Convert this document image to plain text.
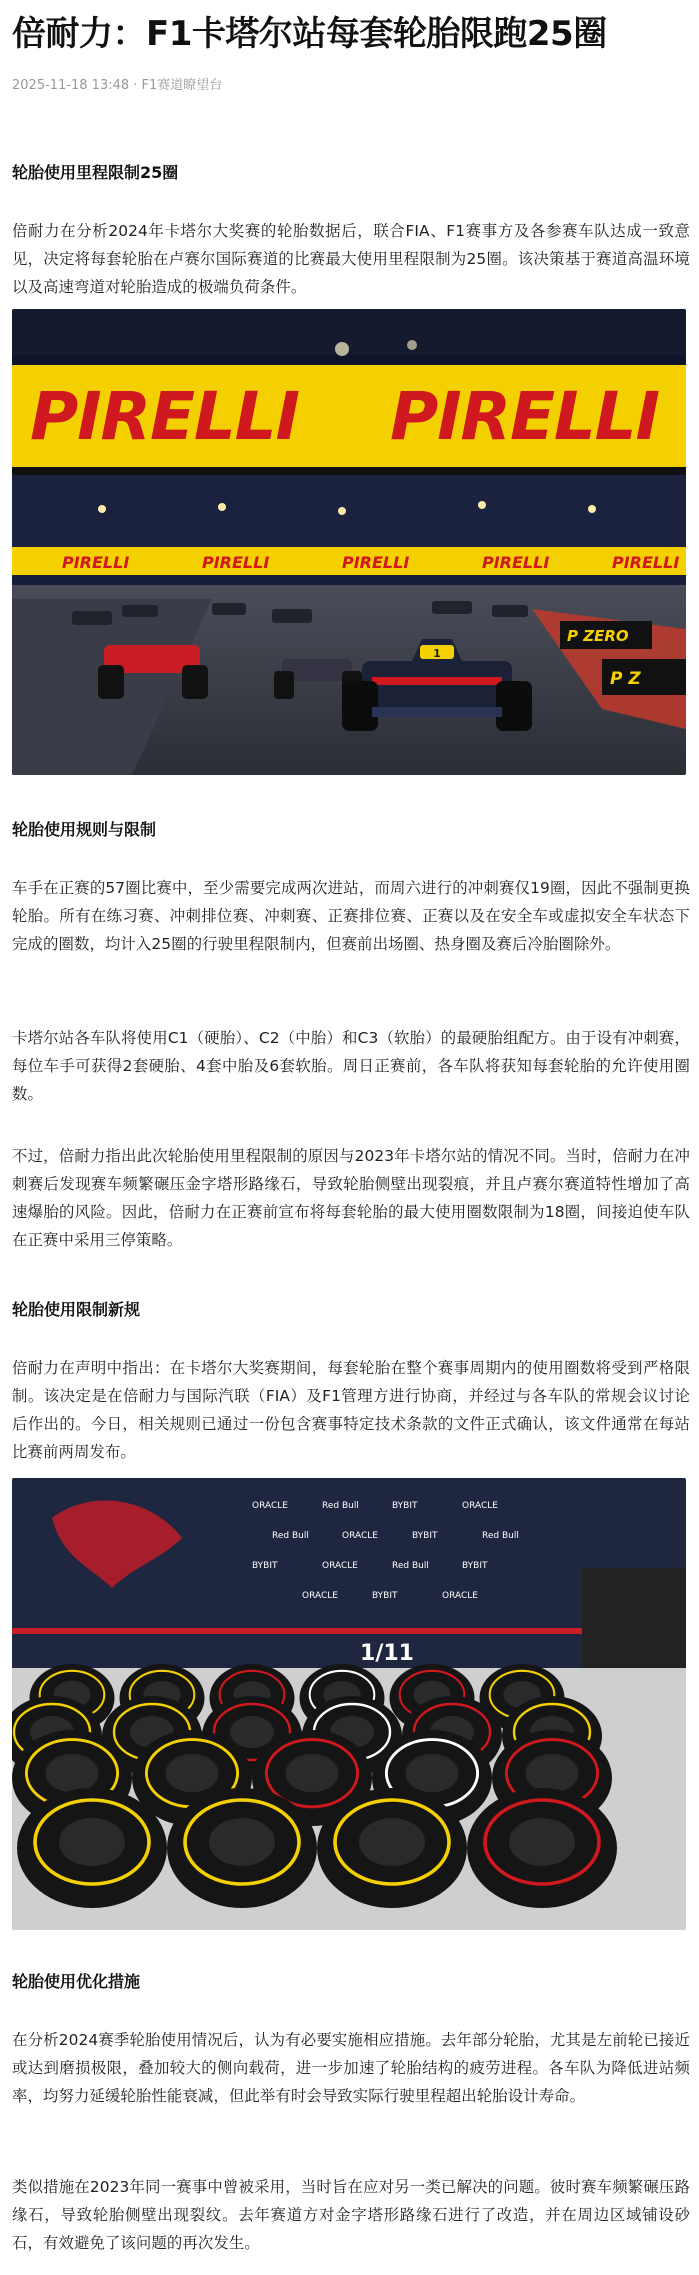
倍耐力：F1卡塔尔站每套轮胎限跑25圈
2025-11-18 13:48 · F1赛道瞭望台
轮胎使用里程限制25圈

倍耐力在分析2024年卡塔尔大奖赛的轮胎数据后，联合FIA、F1赛事方及各参赛车队达成一致意见，决定将每套轮胎在卢赛尔国际赛道的比赛最大使用里程限制为25圈。该决策基于赛道高温环境以及高速弯道对轮胎造成的极端负荷条件。

PIRELLI PIRELLI
PIRELLI	PIRELLI	PIRELLI	PIRELLI	PIRELLI
P ZERO
P Z
1
轮胎使用规则与限制

车手在正赛的57圈比赛中，至少需要完成两次进站，而周六进行的冲刺赛仅19圈，因此不强制更换轮胎。所有在练习赛、冲刺排位赛、冲刺赛、正赛排位赛、正赛以及在安全车或虚拟安全车状态下完成的圈数，均计入25圈的行驶里程限制内，但赛前出场圈、热身圈及赛后冷胎圈除外。

卡塔尔站各车队将使用C1（硬胎）、C2（中胎）和C3（软胎）的最硬胎组配方。由于设有冲刺赛，每位车手可获得2套硬胎、4套中胎及6套软胎。周日正赛前，各车队将获知每套轮胎的允许使用圈数。

不过，倍耐力指出此次轮胎使用里程限制的原因与2023年卡塔尔站的情况不同。当时，倍耐力在冲刺赛后发现赛车频繁碾压金字塔形路缘石，导致轮胎侧壁出现裂痕，并且卢赛尔赛道特性增加了高速爆胎的风险。因此，倍耐力在正赛前宣布将每套轮胎的最大使用圈数限制为18圈，间接迫使车队在正赛中采用三停策略。

轮胎使用限制新规

倍耐力在声明中指出：在卡塔尔大奖赛期间，每套轮胎在整个赛事周期内的使用圈数将受到严格限制。该决定是在倍耐力与国际汽联（FIA）及F1管理方进行协商，并经过与各车队的常规会议讨论后作出的。今日，相关规则已通过一份包含赛事特定技术条款的文件正式确认，该文件通常在每站比赛前两周发布。

ORACLE	Red Bull	BYBIT	ORACLE
Red Bull	ORACLE	BYBIT	Red Bull
BYBIT	ORACLE	Red Bull	BYBIT
ORACLE	BYBIT	ORACLE
1/11
轮胎使用优化措施

在分析2024赛季轮胎使用情况后，认为有必要实施相应措施。去年部分轮胎，尤其是左前轮已接近或达到磨损极限，叠加较大的侧向载荷，进一步加速了轮胎结构的疲劳进程。各车队为降低进站频率，均努力延缓轮胎性能衰减，但此举有时会导致实际行驶里程超出轮胎设计寿命。

类似措施在2023年同一赛事中曾被采用，当时旨在应对另一类已解决的问题。彼时赛车频繁碾压路缘石，导致轮胎侧壁出现裂纹。去年赛道方对金字塔形路缘石进行了改造，并在周边区域铺设砂石，有效避免了该问题的再次发生。
